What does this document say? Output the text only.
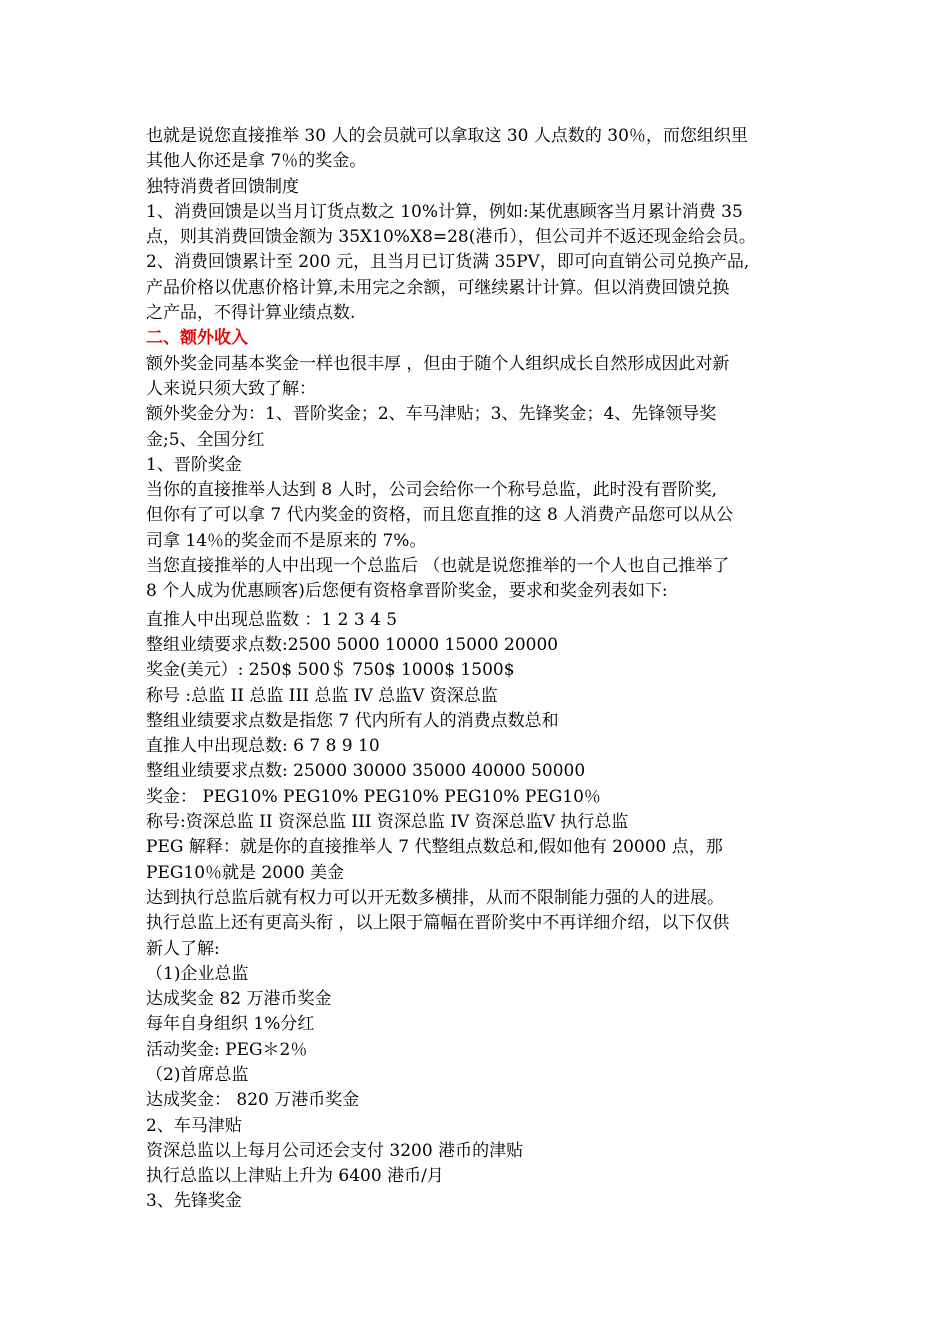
也就是说您直接推举 30 人的会员就可以拿取这 30 人点数的 30％，而您组织里
其他人你还是拿 7％的奖金。
独特消费者回馈制度
1、消费回馈是以当月订货点数之 10%计算，例如:某优惠顾客当月累计消费 35
点，则其消费回馈金额为 35X10%X8=28(港币），但公司并不返还现金给会员。
2、消费回馈累计至 200 元，且当月已订货满 35PV，即可向直销公司兑换产品,
产品价格以优惠价格计算,未用完之余额，可继续累计计算。但以消费回馈兑换
之产品，不得计算业绩点数.
二、额外收入
额外奖金同基本奖金一样也很丰厚 ，但由于随个人组织成长自然形成因此对新
人来说只须大致了解：
额外奖金分为：1、晋阶奖金；2、车马津贴；3、先锋奖金；4、先锋领导奖
金;5、全国分红
1、晋阶奖金
当你的直接推举人达到 8 人时，公司会给你一个称号总监，此时没有晋阶奖,
但你有了可以拿 7 代内奖金的资格，而且您直推的这 8 人消费产品您可以从公
司拿 14％的奖金而不是原来的 7%。
当您直接推举的人中出现一个总监后 （也就是说您推举的一个人也自己推举了
8 个人成为优惠顾客)后您便有资格拿晋阶奖金，要求和奖金列表如下:
直推人中出现总监数 ：1 2 3 4 5
整组业绩要求点数:2500 5000 10000 15000 20000
奖金(美元）: 250$ 500＄ 750$ 1000$ 1500$
称号 :总监 II 总监 III 总监 IV 总监Ⅴ 资深总监
整组业绩要求点数是指您 7 代内所有人的消费点数总和
直推人中出现总数: 6 7 8 9 10
整组业绩要求点数: 25000 30000 35000 40000 50000
奖金： PEG10% PEG10% PEG10% PEG10% PEG10％
称号:资深总监 II 资深总监 III 资深总监 IV 资深总监Ⅴ 执行总监
PEG 解释：就是你的直接推举人 7 代整组点数总和,假如他有 20000 点，那
PEG10％就是 2000 美金
达到执行总监后就有权力可以开无数多横排，从而不限制能力强的人的进展。
执行总监上还有更高头衔 ，以上限于篇幅在晋阶奖中不再详细介绍，以下仅供
新人了解:
（1)企业总监
达成奖金 82 万港币奖金
每年自身组织 1%分红
活动奖金: PEG＊2％
（2)首席总监
达成奖金： 820 万港币奖金
2、车马津贴
资深总监以上每月公司还会支付 3200 港币的津贴
执行总监以上津贴上升为 6400 港币/月
3、先锋奖金
